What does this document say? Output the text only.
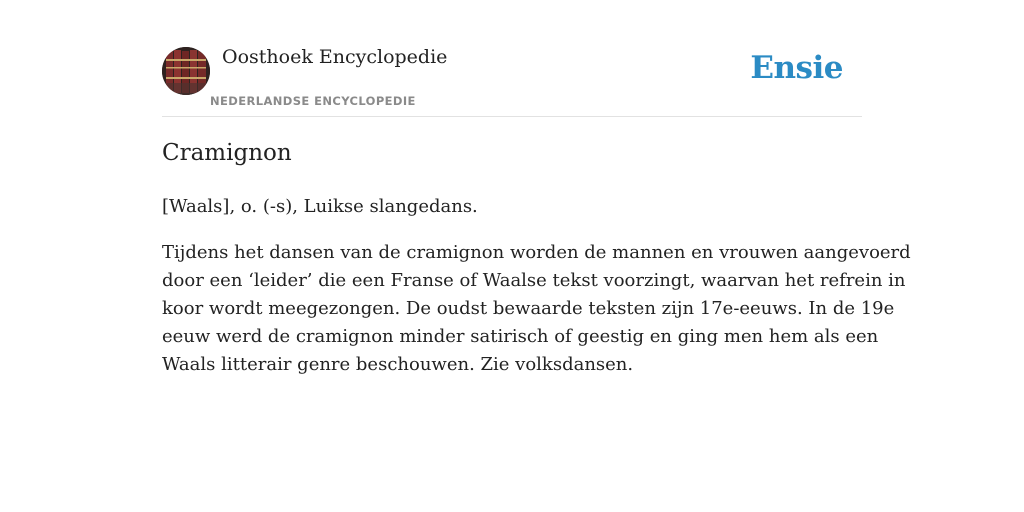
Oosthoek Encyclopedie
NEDERLANDSE ENCYCLOPEDIE
Ensie
Cramignon

[Waals], o. (-s), Luikse slangedans.

Tijdens het dansen van de cramignon worden de mannen en vrouwen aangevoerd
door een ‘leider’ die een Franse of Waalse tekst voorzingt, waarvan het refrein in
koor wordt meegezongen. De oudst bewaarde teksten zijn 17e-eeuws. In de 19e
eeuw werd de cramignon minder satirisch of geestig en ging men hem als een
Waals litterair genre beschouwen. Zie volksdansen.
